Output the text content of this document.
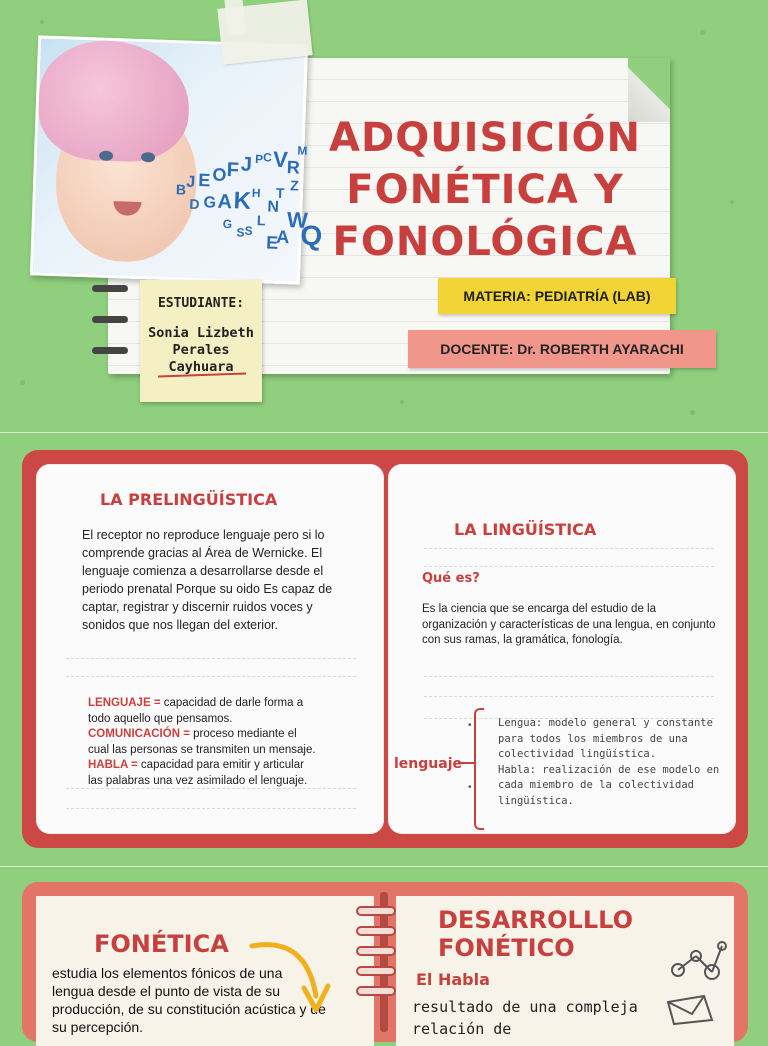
B J E O F J P C V
R
M
D G A K H Z
G
A
W
Q
S
L
N
T
E
S
ADQUISICIÓN FONÉTICA Y FONOLÓGICA
MATERIA: PEDIATRÍA (LAB)
DOCENTE: Dr. ROBERTH AYARACHI
ESTUDIANTE:
Sonia Lizbeth Perales Cayhuara
LA PRELINGÜÍSTICA
El receptor no reproduce lenguaje pero si lo comprende gracias al Área de Wernicke. El lenguaje comienza a desarrollarse desde el periodo prenatal Porque su oido Es capaz de captar, registrar y discernir ruidos voces y sonidos que nos llegan del exterior.
LENGUAJE = capacidad de darle forma a todo aquello que pensamos.
COMUNICACIÓN = proceso mediante el cual las personas se transmiten un mensaje.
HABLA = capacidad para emitir y articular las palabras una vez asimilado el lenguaje.
LA LINGÜÍSTICA
Qué es?
Es la ciencia que se encarga del estudio de la organización y características de una lengua, en conjunto con sus ramas, la gramática, fonología.
lenguaje
•
•
Lengua: modelo general y constante para todos los miembros de una colectividad lingüística.
Habla: realización de ese modelo en cada miembro de la colectividad lingüística.
FONÉTICA
estudia los elementos fónicos de una lengua desde el punto de vista de su producción, de su constitución acústica y de su percepción.
DESARROLLLO FONÉTICO
El Habla
resultado de una compleja relación de
